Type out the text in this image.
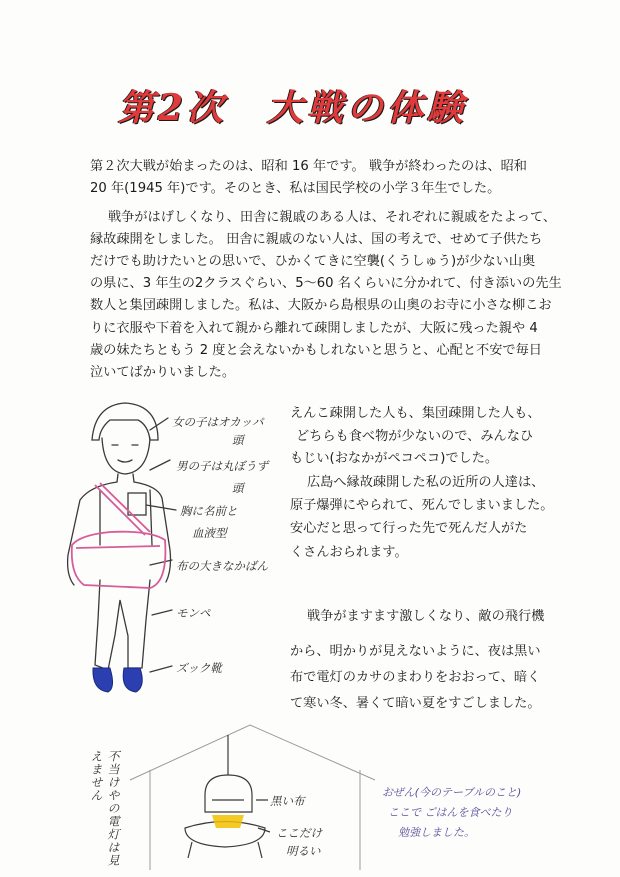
第2次　大戦の体験
第２次大戦が始まったのは、昭和 16 年です。 戦争が終わったのは、昭和
20 年(1945 年)です。そのとき、私は国民学校の小学３年生でした。
戦争がはげしくなり、田舎に親戚のある人は、それぞれに親戚をたよって、
縁故疎開をしました。 田舎に親戚のない人は、国の考えで、せめて子供たち
だけでも助けたいとの思いで、ひかくてきに空襲(くうしゅう)が少ない山奥
の県に、3 年生の2クラスぐらい、5～60 名くらいに分かれて、付き添いの先生
数人と集団疎開しました。私は、大阪から島根県の山奥のお寺に小さな柳こお
りに衣服や下着を入れて親から離れて疎開しましたが、大阪に残った親や 4
歳の妹たちともう 2 度と会えないかもしれないと思うと、心配と不安で毎日
泣いてばかりいました。
えんこ疎開した人も、集団疎開した人も、
どちらも食べ物が少ないので、みんなひ
もじい(おなかがペコペコ)でした。
広島へ縁故疎開した私の近所の人達は、
原子爆弾にやられて、死んでしまいました。
安心だと思って行った先で死んだ人がた
くさんおられます。
戦争がますます激しくなり、敵の飛行機
から、明かりが見えないように、夜は黒い
布で電灯のカサのまわりをおおって、暗く
て寒い冬、暑くて暗い夏をすごしました。
女の子はオカッパ
頭
男の子は丸ぼうず
頭
胸に名前と
血液型
布の大きなかばん
モンペ
ズック靴
不当けやの電灯は見えません	黒い布
ここだけ
明るい
おぜん(今のテーブルのこと)
ここで ごはんを食べたり
勉強しました。
